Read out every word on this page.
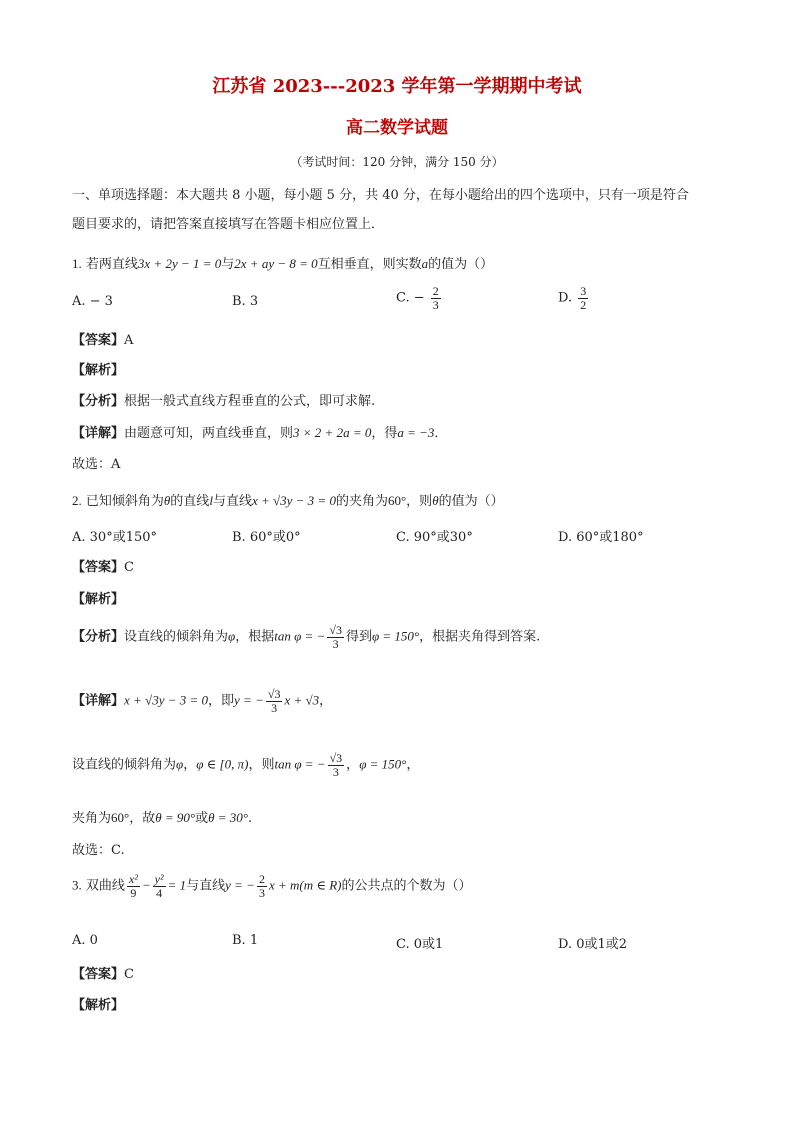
江苏省 2023---2023 学年第一学期期中考试
高二数学试题
（考试时间：120 分钟，满分 150 分）
一、单项选择题：本大题共 8 小题，每小题 5 分，共 40 分，在每小题给出的四个选项中，只有一项是符合
题目要求的，请把答案直接填写在答题卡相应位置上．
1. 若两直线3x + 2y − 1 = 0与2x + ay − 8 = 0互相垂直，则实数a的值为（）
A. − 3	B. 3	C. − $\frac{2}{3}$	D. $\frac{3}{2}$
【答案】A
【解析】
【分析】根据一般式直线方程垂直的公式，即可求解.
【详解】由题意可知，两直线垂直，则3 × 2 + 2a = 0，得a = −3．
故选：A
2. 已知倾斜角为θ的直线l与直线x + √3y − 3 = 0的夹角为60°，则θ的值为（）
A. 30°或150°	B. 60°或0°	C. 90°或30°	D. 60°或180°
【答案】C
【解析】
【分析】设直线的倾斜角为φ，根据tan φ = − $\frac{√3}{3}$ 得到φ = 150°，根据夹角得到答案.
【详解】x + √3y − 3 = 0，即y = − $\frac{√3}{3}$ x + √3，
设直线的倾斜角为φ，φ ∈ [0, π)，则tan φ = − $\frac{√3}{3}$ ，φ = 150°，
夹角为60°，故θ = 90°或θ = 30°.
故选：C.
3. 双曲线 $\frac{\text{x²}}{9} - \frac{\text{y²}}{4} = 1$与直线y = − $\frac{2}{3}$ x + m(m ∈ R)的公共点的个数为（）
A. 0	B. 1	C. 0或1	D. 0或1或2
【答案】C
【解析】
